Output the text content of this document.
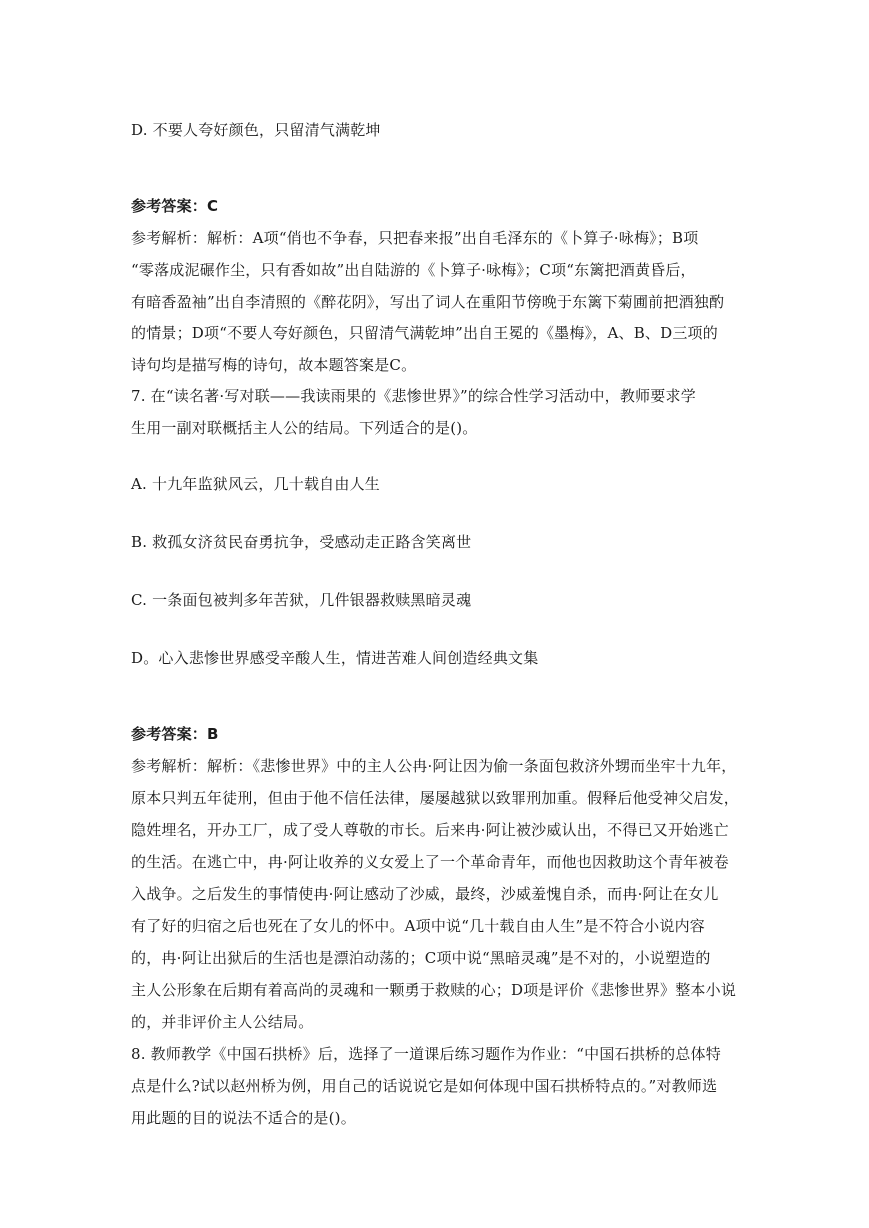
D. 不要人夸好颜色，只留清气满乾坤
参考答案：C
参考解析：解析：A项“俏也不争春，只把春来报”出自毛泽东的《卜算子·咏梅》；B项
“零落成泥碾作尘，只有香如故”出自陆游的《卜算子·咏梅》；C项“东篱把酒黄昏后，
有暗香盈袖”出自李清照的《醉花阴》，写出了词人在重阳节傍晚于东篱下菊圃前把酒独酌
的情景；D项“不要人夸好颜色，只留清气满乾坤”出自王冕的《墨梅》，A、B、D三项的
诗句均是描写梅的诗句，故本题答案是C。
7. 在“读名著·写对联——我读雨果的《悲惨世界》”的综合性学习活动中，教师要求学
生用一副对联概括主人公的结局。下列适合的是()。
A. 十九年监狱风云，几十载自由人生
B. 救孤女济贫民奋勇抗争，受感动走正路含笑离世
C. 一条面包被判多年苦狱，几件银器救赎黑暗灵魂
D。心入悲惨世界感受辛酸人生，情进苦难人间创造经典文集
参考答案：B
参考解析：解析：《悲惨世界》中的主人公冉·阿让因为偷一条面包救济外甥而坐牢十九年，
原本只判五年徒刑，但由于他不信任法律，屡屡越狱以致罪刑加重。假释后他受神父启发，
隐姓埋名，开办工厂，成了受人尊敬的市长。后来冉·阿让被沙威认出，不得已又开始逃亡
的生活。在逃亡中，冉·阿让收养的义女爱上了一个革命青年，而他也因救助这个青年被卷
入战争。之后发生的事情使冉·阿让感动了沙威，最终，沙威羞愧自杀，而冉·阿让在女儿
有了好的归宿之后也死在了女儿的怀中。A项中说“几十载自由人生”是不符合小说内容
的，冉·阿让出狱后的生活也是漂泊动荡的；C项中说“黑暗灵魂”是不对的，小说塑造的
主人公形象在后期有着高尚的灵魂和一颗勇于救赎的心；D项是评价《悲惨世界》整本小说
的，并非评价主人公结局。
8. 教师教学《中国石拱桥》后，选择了一道课后练习题作为作业：“中国石拱桥的总体特
点是什么?试以赵州桥为例，用自己的话说说它是如何体现中国石拱桥特点的。”对教师选
用此题的目的说法不适合的是()。
